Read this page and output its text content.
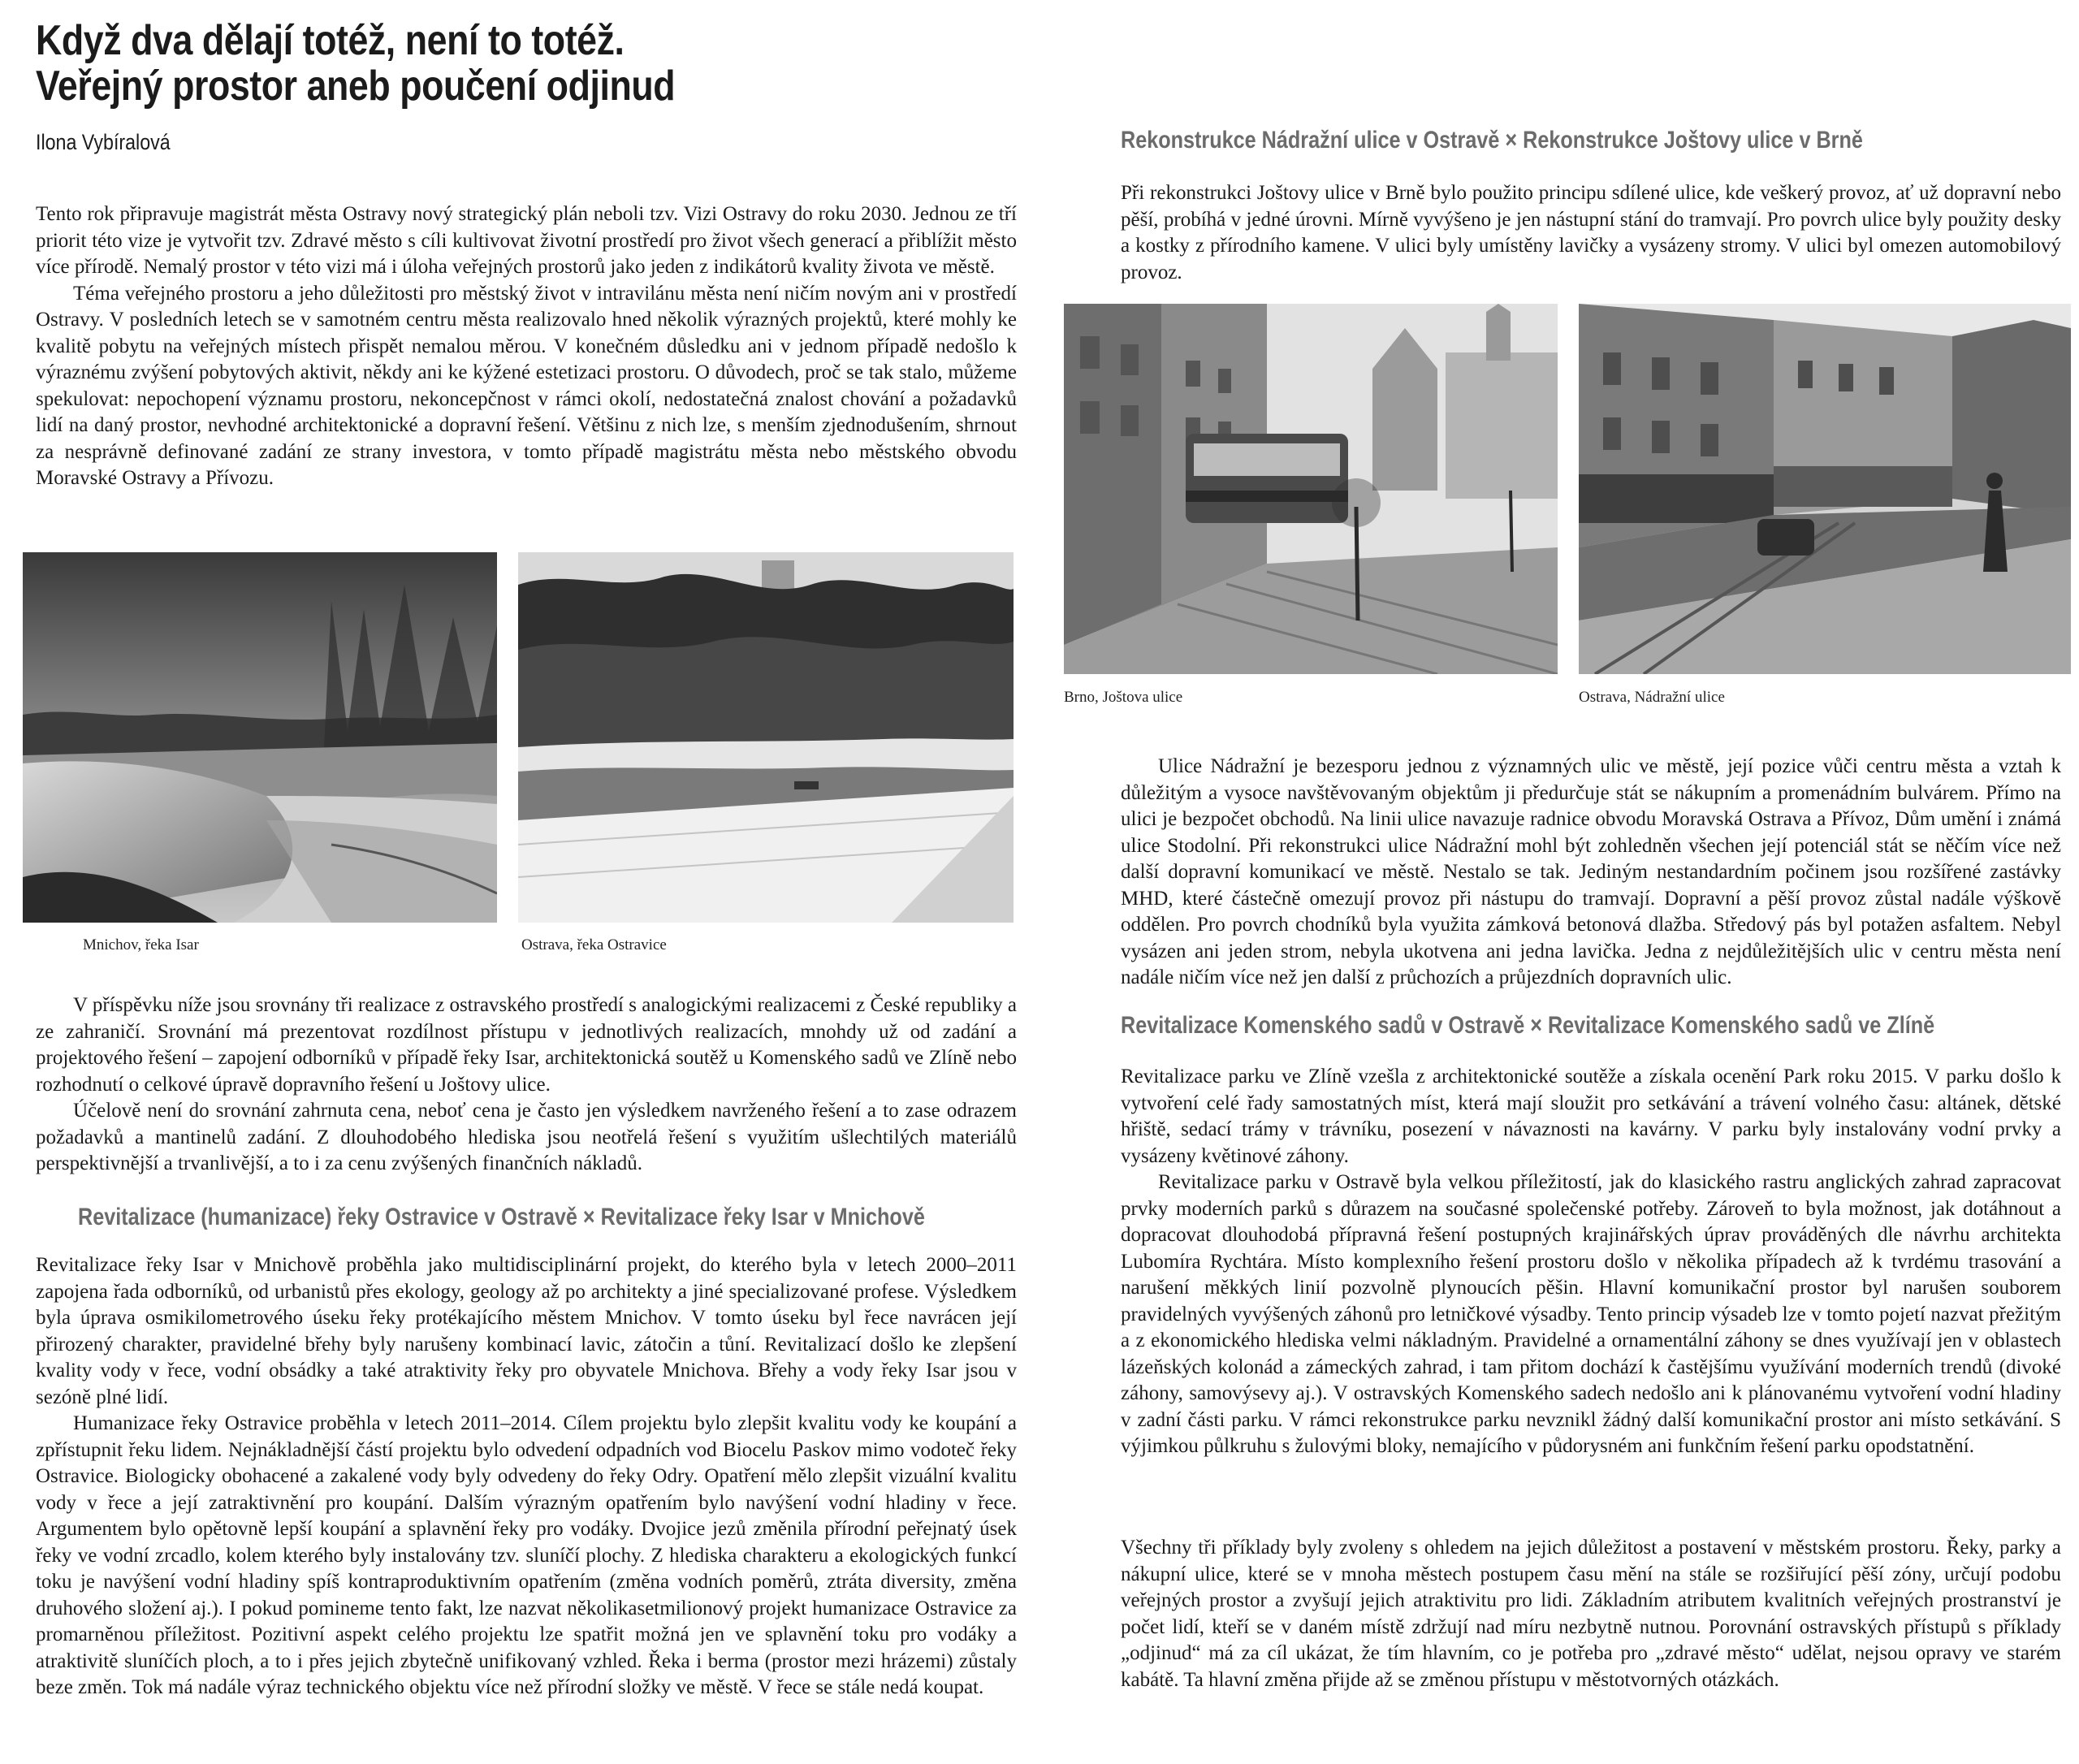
Když dva dělají totéž, není to totéž.
Veřejný prostor aneb poučení odjinud
Ilona Vybíralová

Tento rok připravuje magistrát města Ostravy nový strategický plán neboli tzv. Vizi Ostravy do roku 2030. Jednou ze tří priorit této vize je vytvořit tzv. Zdravé město s cíli kultivovat životní prostředí pro život všech generací a přiblížit město více přírodě. Nemalý prostor v této vizi má i úloha veřejných prostorů jako jeden z indikátorů kvality života ve městě.

Téma veřejného prostoru a jeho důležitosti pro městský život v intravilánu města není ničím novým ani v prostředí Ostravy. V posledních letech se v samotném centru města realizovalo hned několik výrazných projektů, které mohly ke kvalitě pobytu na veřejných místech přispět nemalou měrou. V konečném důsledku ani v jednom případě nedošlo k výraznému zvýšení pobytových aktivit, někdy ani ke kýžené estetizaci prostoru. O důvodech, proč se tak stalo, můžeme spekulovat: nepochopení významu prostoru, nekoncepčnost v rámci okolí, nedostatečná znalost chování a požadavků lidí na daný prostor, nevhodné architektonické a dopravní řešení. Většinu z nich lze, s menším zjednodušením, shrnout za nesprávně definované zadání ze strany investora, v tomto případě magistrátu města nebo městského obvodu Moravské Ostravy a Přívozu.

Mnichov, řeka Isar	Ostrava, řeka Ostravice

V příspěvku níže jsou srovnány tři realizace z ostravského prostředí s analogickými realizacemi z České republiky a ze zahraničí. Srovnání má prezentovat rozdílnost přístupu v jednotlivých realizacích, mnohdy už od zadání a projektového řešení – zapojení odborníků v případě řeky Isar, architektonická soutěž u Komenského sadů ve Zlíně nebo rozhodnutí o celkové úpravě dopravního řešení u Joštovy ulice.

Účelově není do srovnání zahrnuta cena, neboť cena je často jen výsledkem navrženého řešení a to zase odrazem požadavků a mantinelů zadání. Z dlouhodobého hlediska jsou neotřelá řešení s využitím ušlechtilých materiálů perspektivnější a trvanlivější, a to i za cenu zvýšených finančních nákladů.

Revitalizace (humanizace) řeky Ostravice v Ostravě × Revitalizace řeky Isar v Mnichově

Revitalizace řeky Isar v Mnichově proběhla jako multidisciplinární projekt, do kterého byla v letech 2000–2011 zapojena řada odborníků, od urbanistů přes ekology, geology až po architekty a jiné specializované profese. Výsledkem byla úprava osmikilometrového úseku řeky protékajícího městem Mnichov. V tomto úseku byl řece navrácen její přirozený charakter, pravidelné břehy byly narušeny kombinací lavic, zátočin a tůní. Revitalizací došlo ke zlepšení kvality vody v řece, vodní obsádky a také atraktivity řeky pro obyvatele Mnichova. Břehy a vody řeky Isar jsou v sezóně plné lidí.

Humanizace řeky Ostravice proběhla v letech 2011–2014. Cílem projektu bylo zlepšit kvalitu vody ke koupání a zpřístupnit řeku lidem. Nejnákladnější částí projektu bylo odvedení odpadních vod Biocelu Paskov mimo vodoteč řeky Ostravice. Biologicky obohacené a zakalené vody byly odvedeny do řeky Odry. Opatření mělo zlepšit vizuální kvalitu vody v řece a její zatraktivnění pro koupání. Dalším výrazným opatřením bylo navýšení vodní hladiny v řece. Argumentem bylo opětovně lepší koupání a splavnění řeky pro vodáky. Dvojice jezů změnila přírodní peřejnatý úsek řeky ve vodní zrcadlo, kolem kterého byly instalovány tzv. sluníčí plochy. Z hlediska charakteru a ekologických funkcí toku je navýšení vodní hladiny spíš kontraproduktivním opatřením (změna vodních poměrů, ztráta diversity, změna druhového složení aj.). I pokud pomineme tento fakt, lze nazvat několikasetmilionový projekt humanizace Ostravice za promarněnou příležitost. Pozitivní aspekt celého projektu lze spatřit možná jen ve splavnění toku pro vodáky a atraktivitě sluníčích ploch, a to i přes jejich zbytečně unifikovaný vzhled. Řeka i berma (prostor mezi hrázemi) zůstaly beze změn. Tok má nadále výraz technického objektu více než přírodní složky ve městě. V řece se stále nedá koupat.

Rekonstrukce Nádražní ulice v Ostravě × Rekonstrukce Joštovy ulice v Brně

Při rekonstrukci Joštovy ulice v Brně bylo použito principu sdílené ulice, kde veškerý provoz, ať už dopravní nebo pěší, probíhá v jedné úrovni. Mírně vyvýšeno je jen nástupní stání do tramvají. Pro povrch ulice byly použity desky a kostky z přírodního kamene. V ulici byly umístěny lavičky a vysázeny stromy. V ulici byl omezen automobilový provoz.

Brno, Joštova ulice	Ostrava, Nádražní ulice

Ulice Nádražní je bezesporu jednou z významných ulic ve městě, její pozice vůči centru města a vztah k důležitým a vysoce navštěvovaným objektům ji předurčuje stát se nákupním a promenádním bulvárem. Přímo na ulici je bezpočet obchodů. Na linii ulice navazuje radnice obvodu Moravská Ostrava a Přívoz, Dům umění i známá ulice Stodolní. Při rekonstrukci ulice Nádražní mohl být zohledněn všechen její potenciál stát se něčím více než další dopravní komunikací ve městě. Nestalo se tak. Jediným nestandardním počinem jsou rozšířené zastávky MHD, které částečně omezují provoz při nástupu do tramvají. Dopravní a pěší provoz zůstal nadále výškově oddělen. Pro povrch chodníků byla využita zámková betonová dlažba. Středový pás byl potažen asfaltem. Nebyl vysázen ani jeden strom, nebyla ukotvena ani jedna lavička. Jedna z nejdůležitějších ulic v centru města není nadále ničím více než jen další z průchozích a průjezdních dopravních ulic.

Revitalizace Komenského sadů v Ostravě × Revitalizace Komenského sadů ve Zlíně

Revitalizace parku ve Zlíně vzešla z architektonické soutěže a získala ocenění Park roku 2015. V parku došlo k vytvoření celé řady samostatných míst, která mají sloužit pro setkávání a trávení volného času: altánek, dětské hřiště, sedací trámy v trávníku, posezení v návaznosti na kavárny. V parku byly instalovány vodní prvky a vysázeny květinové záhony.

Revitalizace parku v Ostravě byla velkou příležitostí, jak do klasického rastru anglických zahrad zapracovat prvky moderních parků s důrazem na současné společenské potřeby. Zároveň to byla možnost, jak dotáhnout a dopracovat dlouhodobá přípravná řešení postupných krajinářských úprav prováděných dle návrhu architekta Lubomíra Rychtára. Místo komplexního řešení prostoru došlo v několika případech až k tvrdému trasování a narušení měkkých linií pozvolně plynoucích pěšin. Hlavní komunikační prostor byl narušen souborem pravidelných vyvýšených záhonů pro letničkové výsadby. Tento princip výsadeb lze v tomto pojetí nazvat přežitým a z ekonomického hlediska velmi nákladným. Pravidelné a ornamentální záhony se dnes využívají jen v oblastech lázeňských kolonád a zámeckých zahrad, i tam přitom dochází k častějšímu využívání moderních trendů (divoké záhony, samovýsevy aj.). V ostravských Komenského sadech nedošlo ani k plánovanému vytvoření vodní hladiny v zadní části parku. V rámci rekonstrukce parku nevznikl žádný další komunikační prostor ani místo setkávání. S výjimkou půlkruhu s žulovými bloky, nemajícího v půdorysném ani funkčním řešení parku opodstatnění.

Všechny tři příklady byly zvoleny s ohledem na jejich důležitost a postavení v městském prostoru. Řeky, parky a nákupní ulice, které se v mnoha městech postupem času mění na stále se rozšiřující pěší zóny, určují podobu veřejných prostor a zvyšují jejich atraktivitu pro lidi. Základním atributem kvalitních veřejných prostranství je počet lidí, kteří se v daném místě zdržují nad míru nezbytně nutnou. Porovnání ostravských přístupů s příklady „odjinud“ má za cíl ukázat, že tím hlavním, co je potřeba pro „zdravé město“ udělat, nejsou opravy ve starém kabátě. Ta hlavní změna přijde až se změnou přístupu v městotvorných otázkách.
